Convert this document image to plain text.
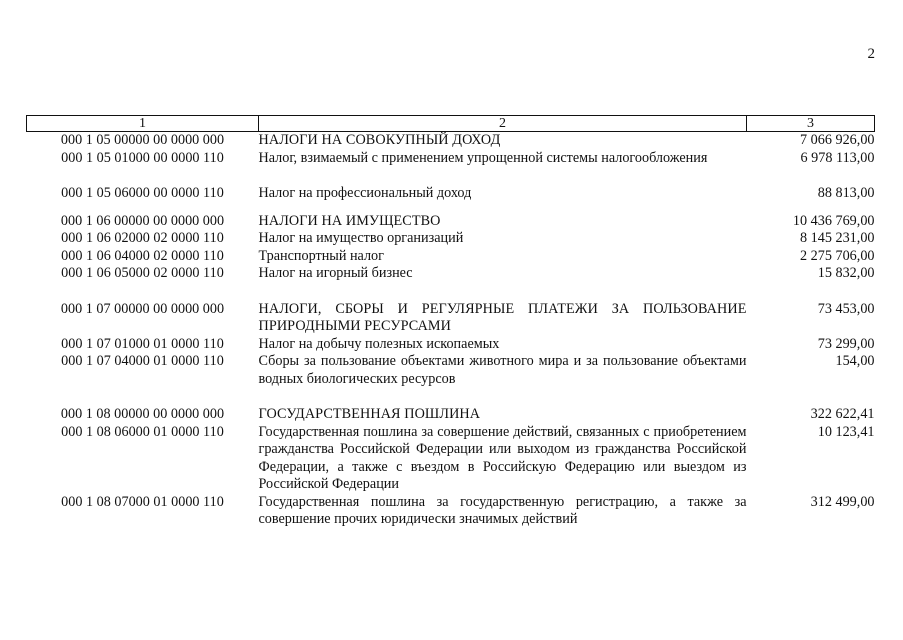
2
1	2	3
000 1 05 00000 00 0000 000	НАЛОГИ НА СОВОКУПНЫЙ ДОХОД	7 066 926,00
000 1 05 01000 00 0000 110	Налог, взимаемый с применением упрощенной системы налогообложения	6 978 113,00
000 1 05 06000 00 0000 110	Налог на профессиональный доход	88 813,00
000 1 06 00000 00 0000 000	НАЛОГИ НА ИМУЩЕСТВО	10 436 769,00
000 1 06 02000 02 0000 110	Налог на имущество организаций	8 145 231,00
000 1 06 04000 02 0000 110	Транспортный налог	2 275 706,00
000 1 06 05000 02 0000 110	Налог на игорный бизнес	15 832,00
000 1 07 00000 00 0000 000	НАЛОГИ, СБОРЫ И РЕГУЛЯРНЫЕ ПЛАТЕЖИ ЗА ПОЛЬЗОВАНИЕ ПРИРОДНЫМИ РЕСУРСАМИ	73 453,00
000 1 07 01000 01 0000 110	Налог на добычу полезных ископаемых	73 299,00
000 1 07 04000 01 0000 110	Сборы за пользование объектами животного мира и за пользование объектами водных биологических ресурсов	154,00
000 1 08 00000 00 0000 000	ГОСУДАРСТВЕННАЯ ПОШЛИНА	322 622,41
000 1 08 06000 01 0000 110	Государственная пошлина за совершение действий, связанных с приобретением гражданства Российской Федерации или выходом из гражданства Российской Федерации, а также с въездом в Российскую Федерацию или выездом из Российской Федерации	10 123,41
000 1 08 07000 01 0000 110	Государственная пошлина за государственную регистрацию, а также за совершение прочих юридически значимых действий	312 499,00
